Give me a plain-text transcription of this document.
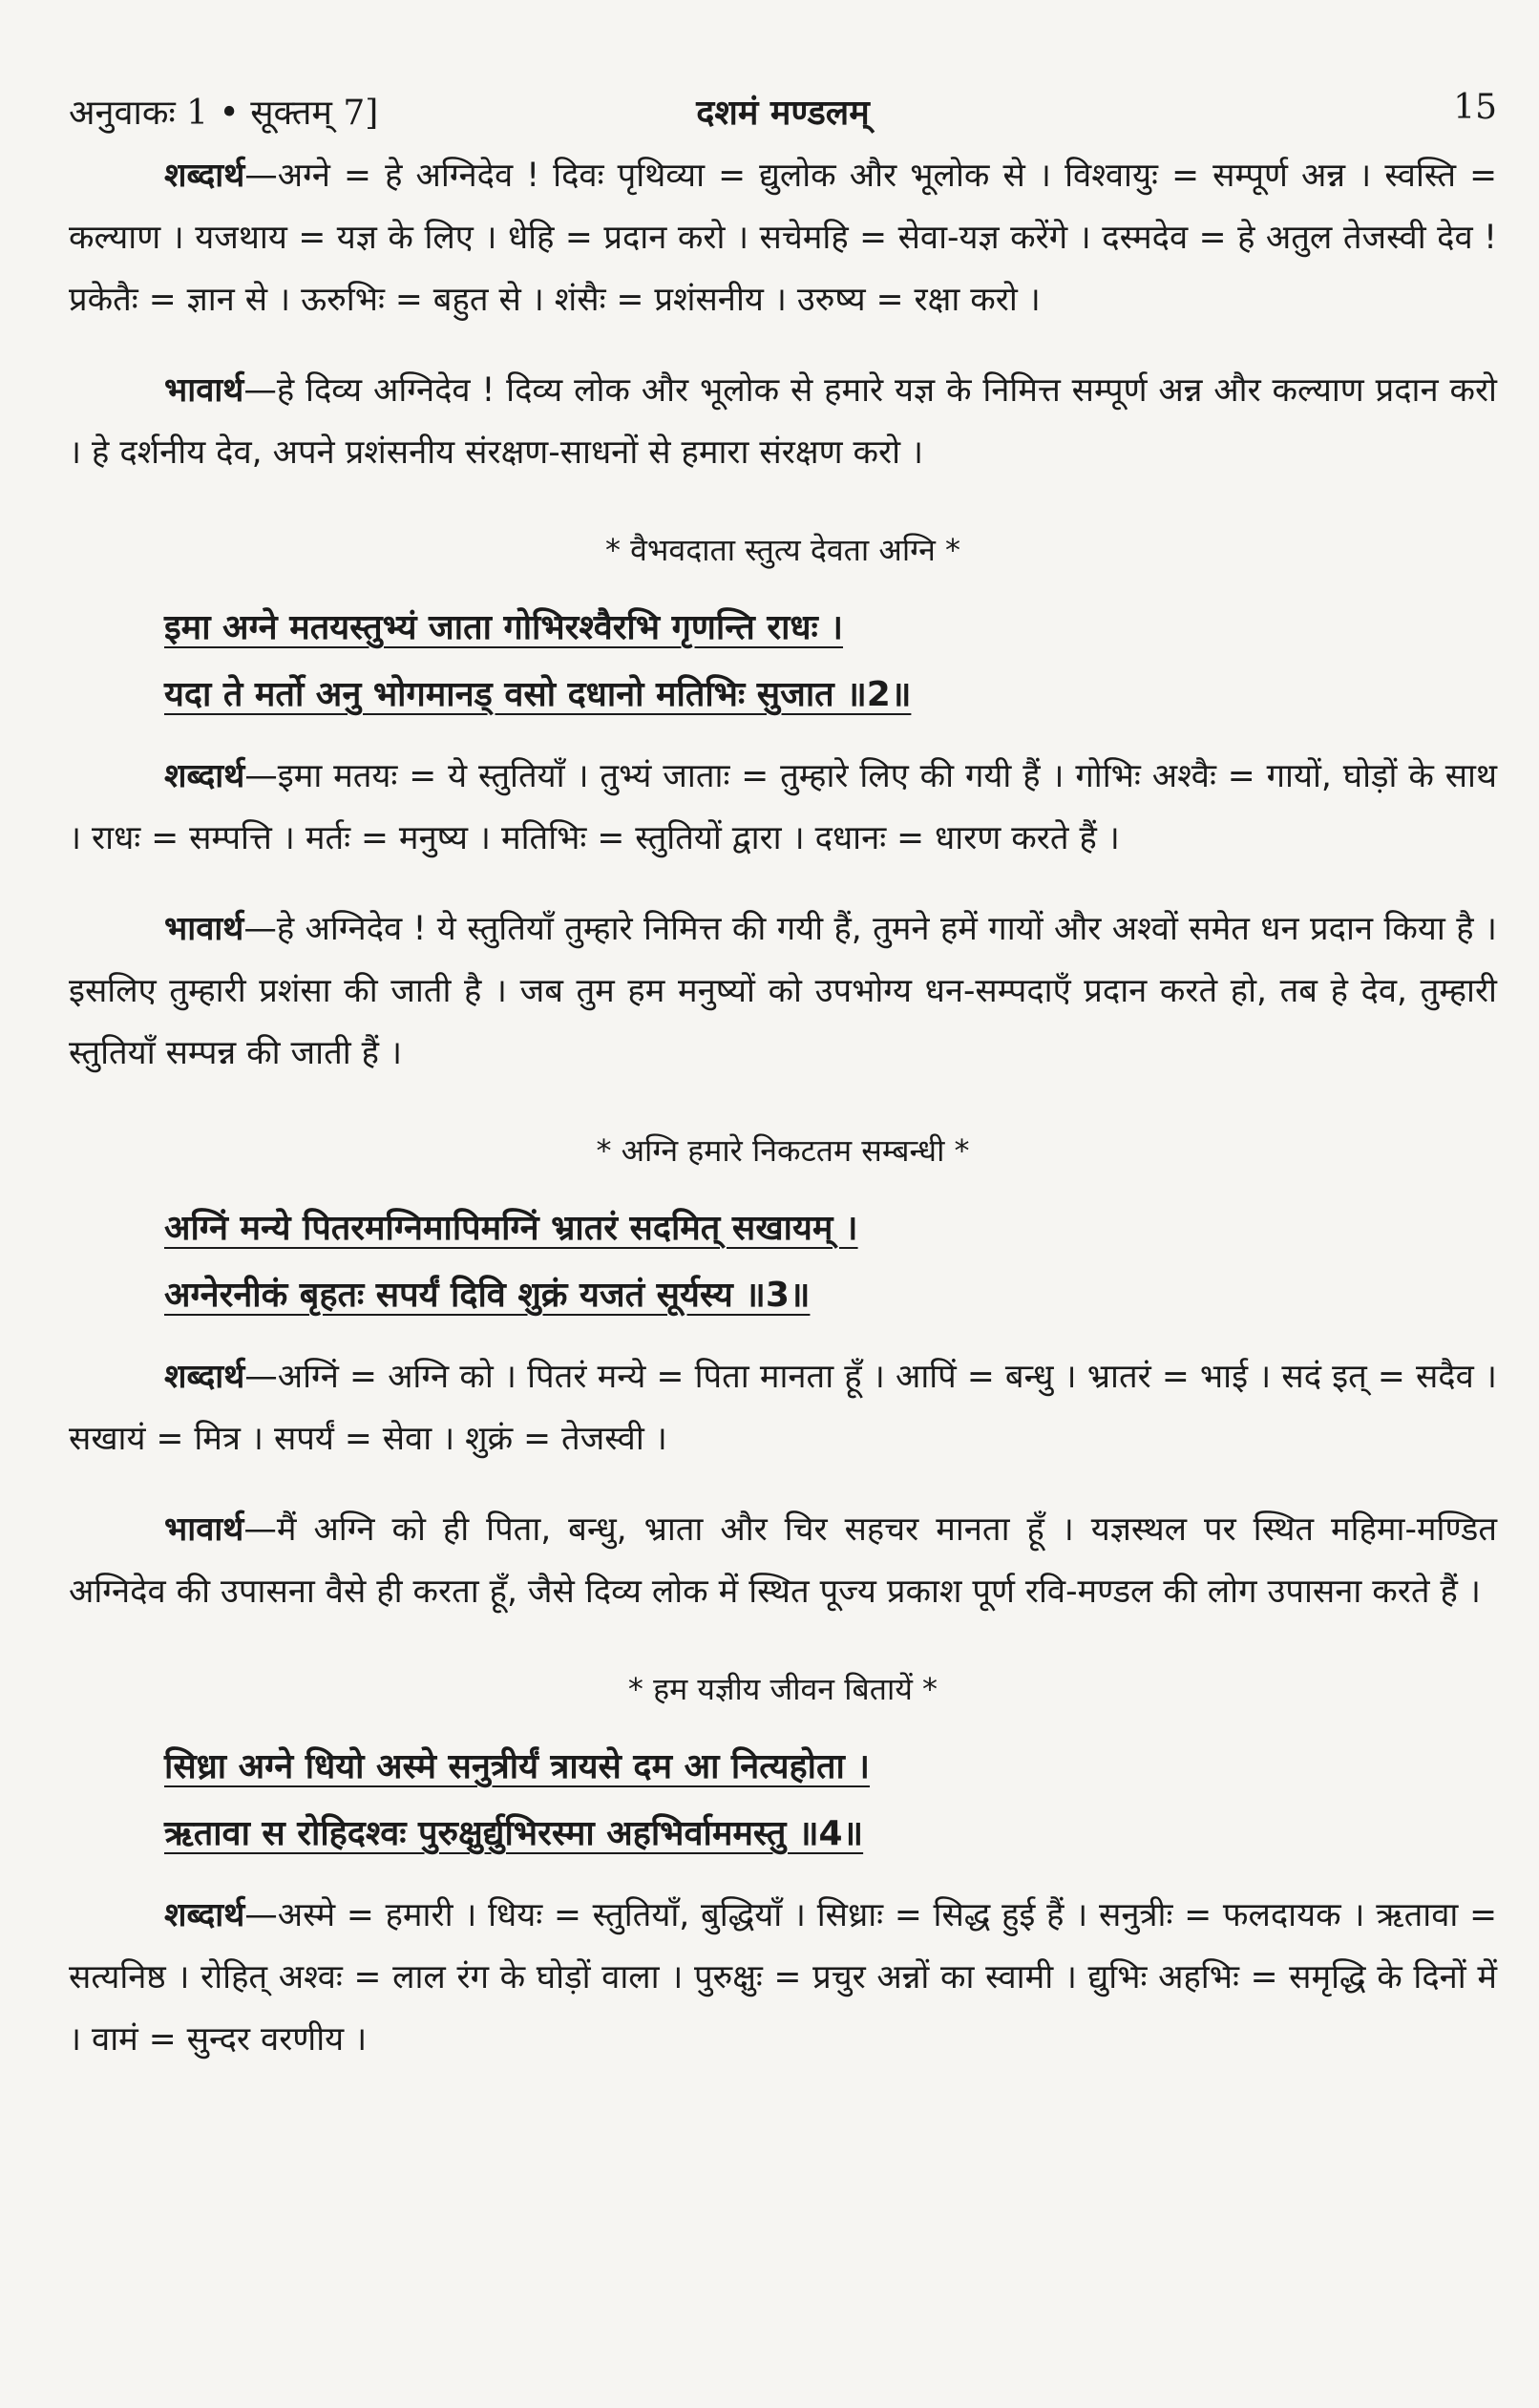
अनुवाकः 1 • सूक्तम् 7]	दशमं मण्डलम्	15

शब्दार्थ—अग्ने = हे अग्निदेव ! दिवः पृथिव्या = द्युलोक और भूलोक से । विश्वायुः = सम्पूर्ण अन्न । स्वस्ति = कल्याण । यजथाय = यज्ञ के लिए । धेहि = प्रदान करो । सचेमहि = सेवा-यज्ञ करेंगे । दस्मदेव = हे अतुल तेजस्वी देव ! प्रकेतैः = ज्ञान से । ऊरुभिः = बहुत से । शंसैः = प्रशंसनीय । उरुष्य = रक्षा करो ।

भावार्थ—हे दिव्य अग्निदेव ! दिव्य लोक और भूलोक से हमारे यज्ञ के निमित्त सम्पूर्ण अन्न और कल्याण प्रदान करो । हे दर्शनीय देव, अपने प्रशंसनीय संरक्षण-साधनों से हमारा संरक्षण करो ।

* वैभवदाता स्तुत्य देवता अग्नि *
इमा अग्ने मतयस्तुभ्यं जाता गोभिरश्वैरभि गृणन्ति राधः ।
यदा ते मर्तो अनु भोगमानड् वसो दधानो मतिभिः सुजात ॥2॥

शब्दार्थ—इमा मतयः = ये स्तुतियाँ । तुभ्यं जाताः = तुम्हारे लिए की गयी हैं । गोभिः अश्वैः = गायों, घोड़ों के साथ । राधः = सम्पत्ति । मर्तः = मनुष्य । मतिभिः = स्तुतियों द्वारा । दधानः = धारण करते हैं ।

भावार्थ—हे अग्निदेव ! ये स्तुतियाँ तुम्हारे निमित्त की गयी हैं, तुमने हमें गायों और अश्वों समेत धन प्रदान किया है । इसलिए तुम्हारी प्रशंसा की जाती है । जब तुम हम मनुष्यों को उपभोग्य धन-सम्पदाएँ प्रदान करते हो, तब हे देव, तुम्हारी स्तुतियाँ सम्पन्न की जाती हैं ।

* अग्नि हमारे निकटतम सम्बन्धी *
अग्निं मन्ये पितरमग्निमापिमग्निं भ्रातरं सदमित् सखायम् ।
अग्नेरनीकं बृहतः सपर्यं दिवि शुक्रं यजतं सूर्यस्य ॥3॥

शब्दार्थ—अग्निं = अग्नि को । पितरं मन्ये = पिता मानता हूँ । आपिं = बन्धु । भ्रातरं = भाई । सदं इत् = सदैव । सखायं = मित्र । सपर्यं = सेवा । शुक्रं = तेजस्वी ।

भावार्थ—मैं अग्नि को ही पिता, बन्धु, भ्राता और चिर सहचर मानता हूँ । यज्ञस्थल पर स्थित महिमा-मण्डित अग्निदेव की उपासना वैसे ही करता हूँ, जैसे दिव्य लोक में स्थित पूज्य प्रकाश पूर्ण रवि-मण्डल की लोग उपासना करते हैं ।

* हम यज्ञीय जीवन बितायें *
सिध्रा अग्ने धियो अस्मे सनुत्रीर्यं त्रायसे दम आ नित्यहोता ।
ऋतावा स रोहिदश्वः पुरुक्षुर्द्युभिरस्मा अहभिर्वाममस्तु ॥4॥

शब्दार्थ—अस्मे = हमारी । धियः = स्तुतियाँ, बुद्धियाँ । सिध्राः = सिद्ध हुई हैं । सनुत्रीः = फलदायक । ऋतावा = सत्यनिष्ठ । रोहित् अश्वः = लाल रंग के घोड़ों वाला । पुरुक्षुः = प्रचुर अन्नों का स्वामी । द्युभिः अहभिः = समृद्धि के दिनों में । वामं = सुन्दर वरणीय ।
